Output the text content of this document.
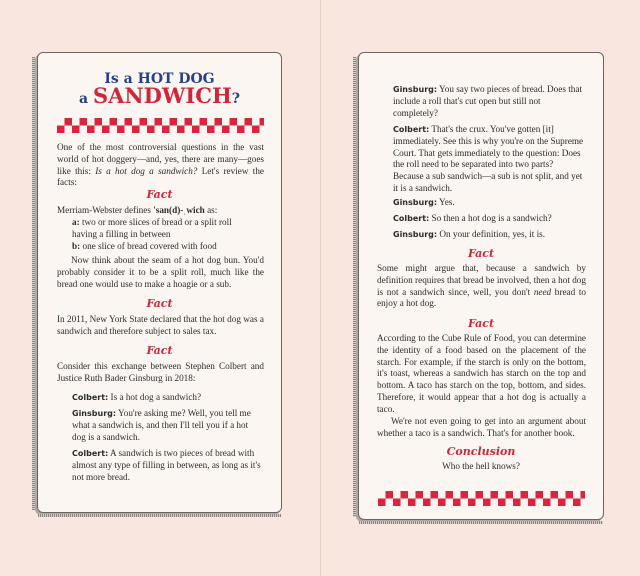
Is a HOT DOG
a SANDWICH?
One of the most controversial questions in the vast world of hot doggery—and, yes, there are many—goes like this: Is a hot dog a sandwich? Let's review the facts:
Fact
Merriam-Webster defines 'san(d)-ˌwich as:
a: two or more slices of bread or a split roll having a filling in between
b: one slice of bread covered with food
Now think about the seam of a hot dog bun. You'd probably consider it to be a split roll, much like the bread one would use to make a hoagie or a sub.
Fact
In 2011, New York State declared that the hot dog was a sandwich and therefore subject to sales tax.
Fact
Consider this exchange between Stephen Colbert and Justice Ruth Bader Ginsburg in 2018:
Colbert: Is a hot dog a sandwich?
Ginsburg: You're asking me? Well, you tell me what a sandwich is, and then I'll tell you if a hot dog is a sandwich.
Colbert: A sandwich is two pieces of bread with almost any type of filling in between, as long as it's not more bread.
Ginsburg: You say two pieces of bread. Does that include a roll that's cut open but still not completely?
Colbert: That's the crux. You've gotten [it] immediately. See this is why you're on the Supreme Court. That gets immediately to the question: Does the roll need to be separated into two parts? Because a sub sandwich—a sub is not split, and yet it is a sandwich.
Ginsburg: Yes.
Colbert: So then a hot dog is a sandwich?
Ginsburg: On your definition, yes, it is.
Fact
Some might argue that, because a sandwich by definition requires that bread be involved, then a hot dog is not a sandwich since, well, you don't need bread to enjoy a hot dog.
Fact
According to the Cube Rule of Food, you can determine the identity of a food based on the placement of the starch. For example, if the starch is only on the bottom, it's toast, whereas a sandwich has starch on the top and bottom. A taco has starch on the top, bottom, and sides. Therefore, it would appear that a hot dog is actually a taco.
We're not even going to get into an argument about whether a taco is a sandwich. That's for another book.
Conclusion
Who the hell knows?
